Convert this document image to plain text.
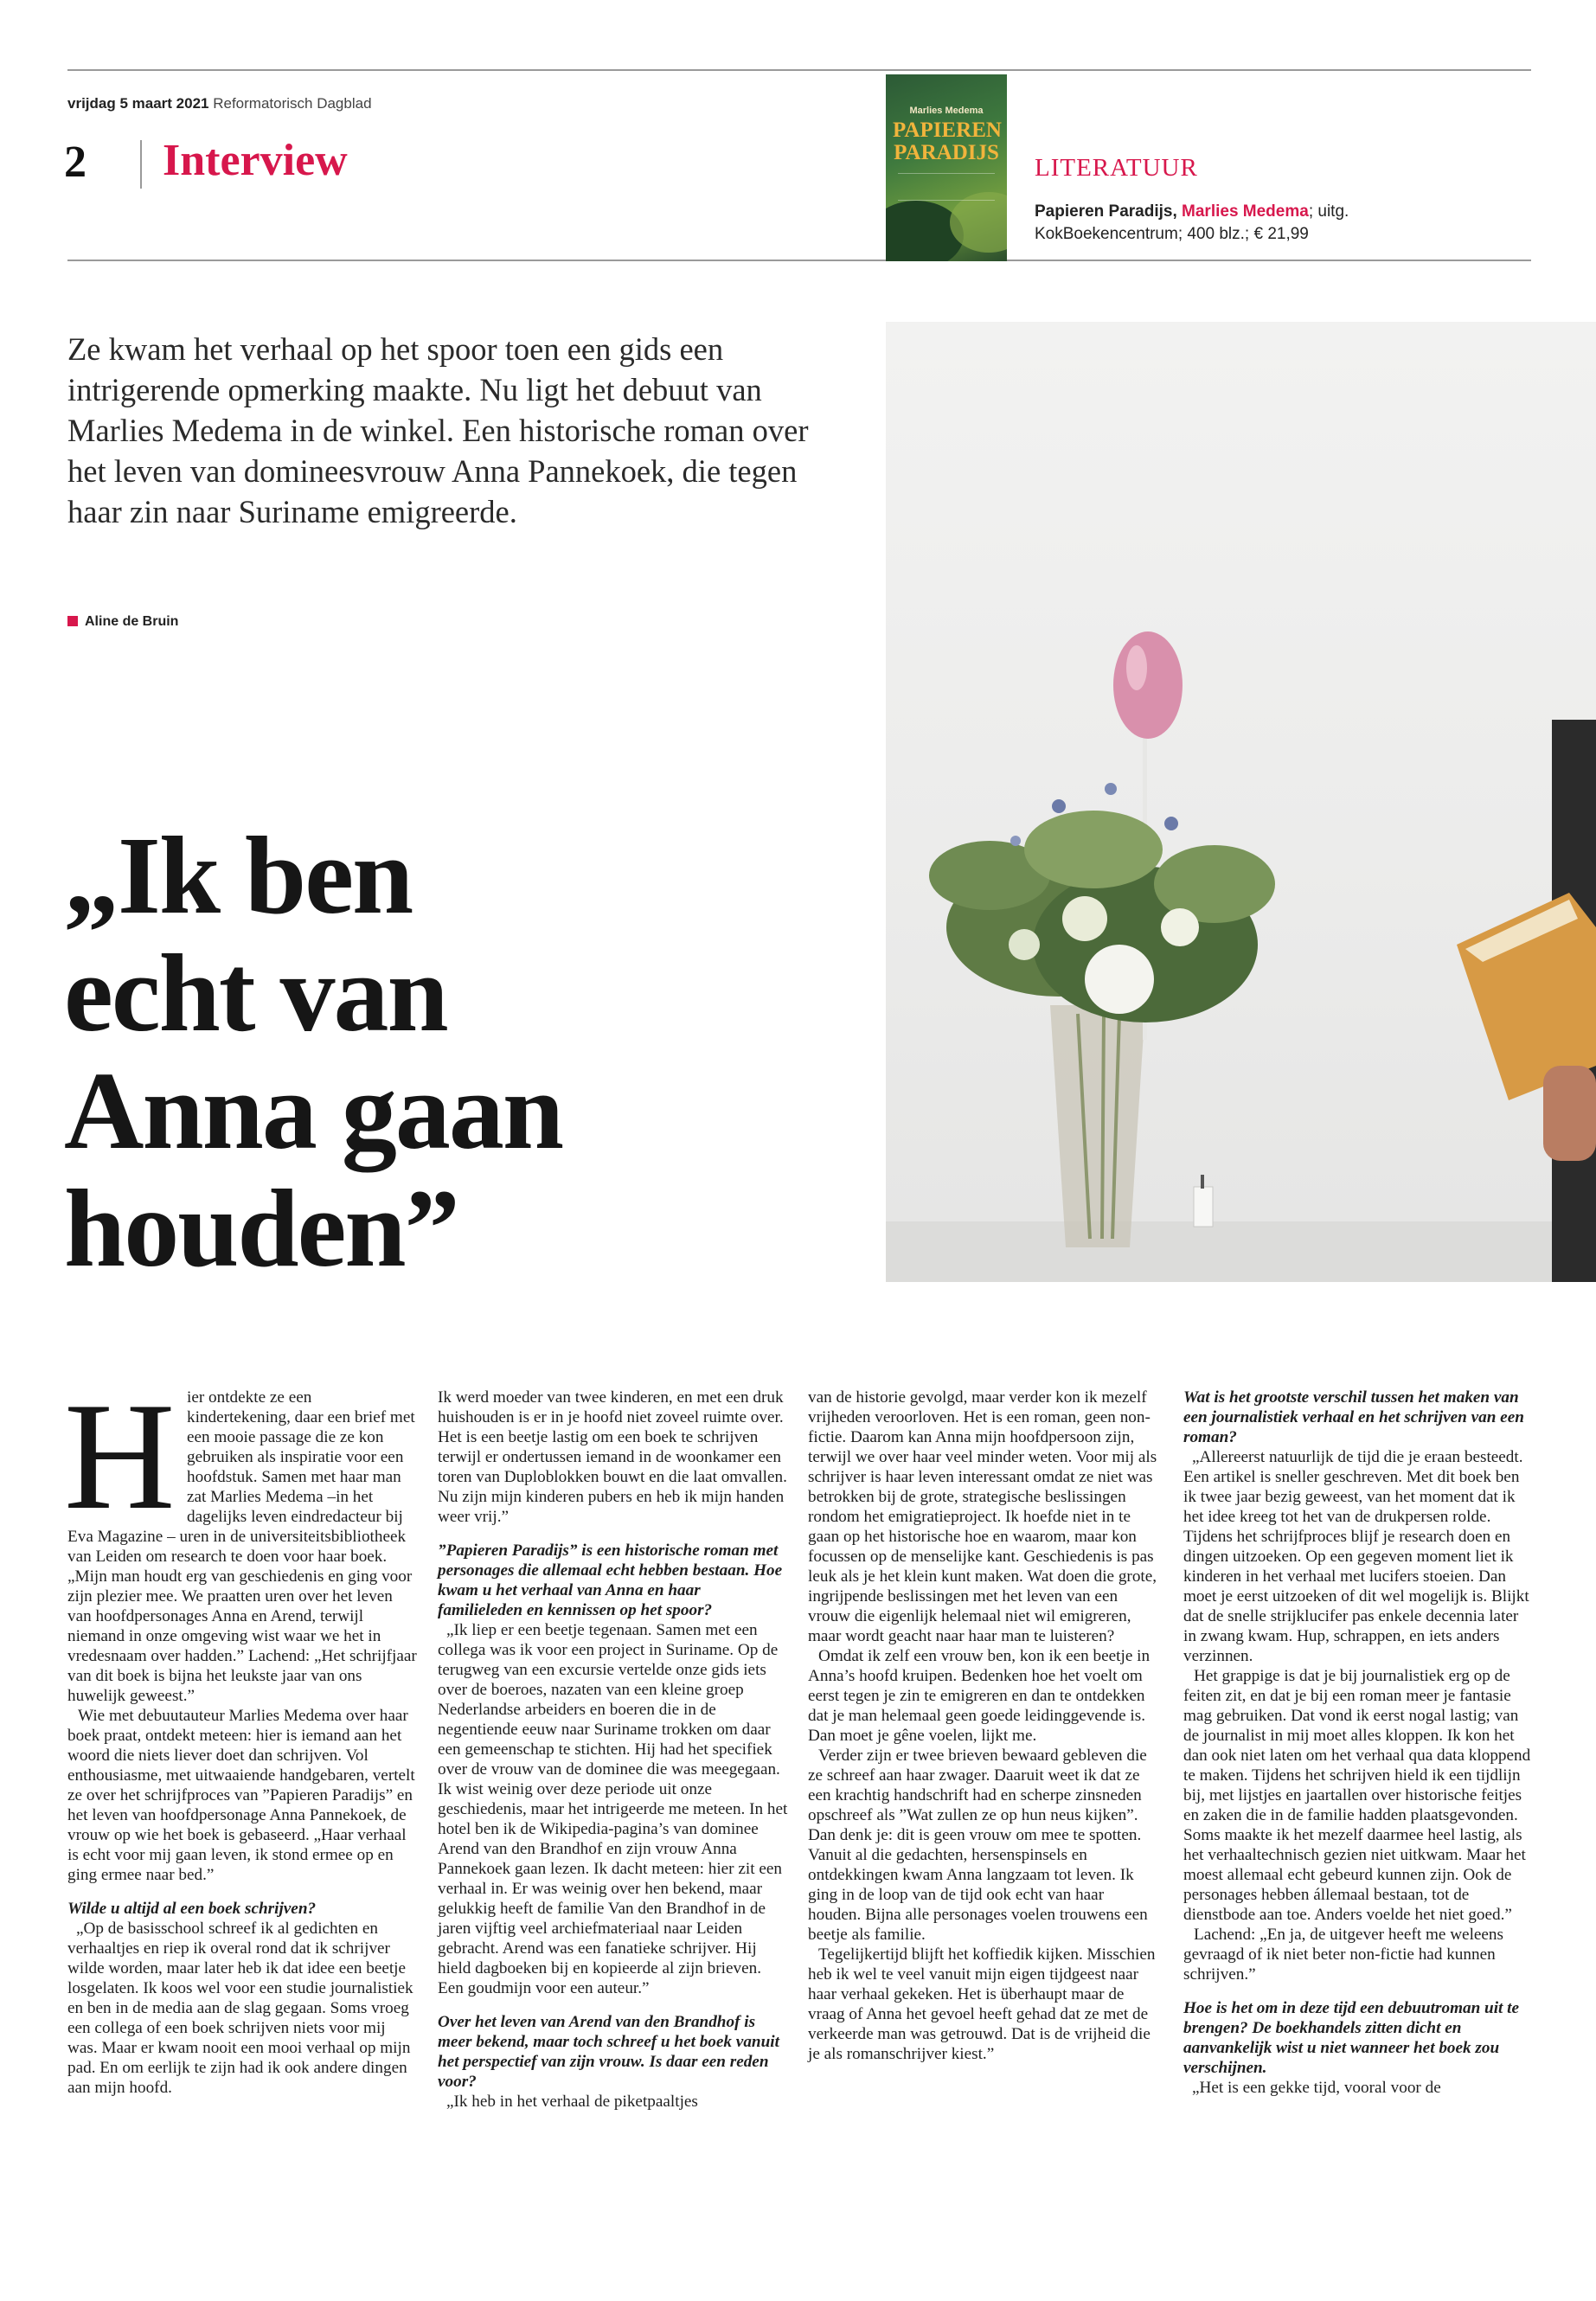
vrijdag 5 maart 2021 Reformatorisch Dagblad
2 Interview
Marlies Medema
PAPIEREN PARADIJS
LITERATUUR
Papieren Paradijs, Marlies Medema; uitg. KokBoekencentrum; 400 blz.; € 21,99
Ze kwam het verhaal op het spoor toen een gids een intrigerende opmerking maakte. Nu ligt het debuut van Marlies Medema in de winkel. Een historische roman over het leven van domineesvrouw Anna Pannekoek, die tegen haar zin naar Suriname emigreerde.
Aline de Bruin
„Ik ben
echt van
Anna gaan
houden”
H ier ontdekte ze een kindertekening, daar een brief met een mooie passage die ze kon gebruiken als inspiratie voor een hoofdstuk. Samen met haar man zat Marlies Medema –in het dagelijks leven eindredacteur bij Eva Magazine – uren in de universiteitsbibliotheek van Leiden om research te doen voor haar boek. „Mijn man houdt erg van geschiedenis en ging voor zijn plezier mee. We praatten uren over het leven van hoofdpersonages Anna en Arend, terwijl niemand in onze omgeving wist waar we het in vredesnaam over hadden.” Lachend: „Het schrijfjaar van dit boek is bijna het leukste jaar van ons huwelijk geweest.”

Wie met debuutauteur Marlies Medema over haar boek praat, ontdekt meteen: hier is iemand aan het woord die niets liever doet dan schrijven. Vol enthousiasme, met uitwaaiende handgebaren, vertelt ze over het schrijfproces van ”Papieren Paradijs” en het leven van hoofdpersonage Anna Pannekoek, de vrouw op wie het boek is gebaseerd. „Haar verhaal is echt voor mij gaan leven, ik stond ermee op en ging ermee naar bed.”

Wilde u altijd al een boek schrijven?

„Op de basisschool schreef ik al gedichten en verhaaltjes en riep ik overal rond dat ik schrijver wilde worden, maar later heb ik dat idee een beetje losgelaten. Ik koos wel voor een studie journalistiek en ben in de media aan de slag gegaan. Soms vroeg een collega of een boek schrijven niets voor mij was. Maar er kwam nooit een mooi verhaal op mijn pad. En om eerlijk te zijn had ik ook andere dingen aan mijn hoofd.

Ik werd moeder van twee kinderen, en met een druk huishouden is er in je hoofd niet zoveel ruimte over. Het is een beetje lastig om een boek te schrijven terwijl er ondertussen iemand in de woonkamer een toren van Duploblokken bouwt en die laat omvallen. Nu zijn mijn kinderen pubers en heb ik mijn handen weer vrij.”

”Papieren Paradijs” is een historische roman met personages die allemaal echt hebben bestaan. Hoe kwam u het verhaal van Anna en haar familieleden en kennissen op het spoor?

„Ik liep er een beetje tegenaan. Samen met een collega was ik voor een project in Suriname. Op de terugweg van een excursie vertelde onze gids iets over de boeroes, nazaten van een kleine groep Nederlandse arbeiders en boeren die in de negentiende eeuw naar Suriname trokken om daar een gemeenschap te stichten. Hij had het specifiek over de vrouw van de dominee die was meegegaan. Ik wist weinig over deze periode uit onze geschiedenis, maar het intrigeerde me meteen. In het hotel ben ik de Wikipedia-pagina’s van dominee Arend van den Brandhof en zijn vrouw Anna Pannekoek gaan lezen. Ik dacht meteen: hier zit een verhaal in. Er was weinig over hen bekend, maar gelukkig heeft de familie Van den Brandhof in de jaren vijftig veel archiefmateriaal naar Leiden gebracht. Arend was een fanatieke schrijver. Hij hield dagboeken bij en kopieerde al zijn brieven. Een goudmijn voor een auteur.”

Over het leven van Arend van den Brandhof is meer bekend, maar toch schreef u het boek vanuit het perspectief van zijn vrouw. Is daar een reden voor?

„Ik heb in het verhaal de piketpaaltjes

van de historie gevolgd, maar verder kon ik mezelf vrijheden veroorloven. Het is een roman, geen non-fictie. Daarom kan Anna mijn hoofdpersoon zijn, terwijl we over haar veel minder weten. Voor mij als schrijver is haar leven interessant omdat ze niet was betrokken bij de grote, strategische beslissingen rondom het emigratieproject. Ik hoefde niet in te gaan op het historische hoe en waarom, maar kon focussen op de menselijke kant. Geschiedenis is pas leuk als je het klein kunt maken. Wat doen die grote, ingrijpende beslissingen met het leven van een vrouw die eigenlijk helemaal niet wil emigreren, maar wordt geacht naar haar man te luisteren?

Omdat ik zelf een vrouw ben, kon ik een beetje in Anna’s hoofd kruipen. Bedenken hoe het voelt om eerst tegen je zin te emigreren en dan te ontdekken dat je man helemaal geen goede leidinggevende is. Dan moet je gêne voelen, lijkt me.

Verder zijn er twee brieven bewaard gebleven die ze schreef aan haar zwager. Daaruit weet ik dat ze een krachtig handschrift had en scherpe zinsneden opschreef als ”Wat zullen ze op hun neus kijken”. Dan denk je: dit is geen vrouw om mee te spotten. Vanuit al die gedachten, hersenspinsels en ontdekkingen kwam Anna langzaam tot leven. Ik ging in de loop van de tijd ook echt van haar houden. Bijna alle personages voelen trouwens een beetje als familie.

Tegelijkertijd blijft het koffiedik kijken. Misschien heb ik wel te veel vanuit mijn eigen tijdgeest naar haar verhaal gekeken. Het is überhaupt maar de vraag of Anna het gevoel heeft gehad dat ze met de verkeerde man was getrouwd. Dat is de vrijheid die je als romanschrijver kiest.”

Wat is het grootste verschil tussen het maken van een journalistiek verhaal en het schrijven van een roman?

„Allereerst natuurlijk de tijd die je eraan besteedt. Een artikel is sneller geschreven. Met dit boek ben ik twee jaar bezig geweest, van het moment dat ik het idee kreeg tot het van de drukpersen rolde. Tijdens het schrijfproces blijf je research doen en dingen uitzoeken. Op een gegeven moment liet ik kinderen in het verhaal met lucifers stoeien. Dan moet je eerst uitzoeken of dit wel mogelijk is. Blijkt dat de snelle strijklucifer pas enkele decennia later in zwang kwam. Hup, schrappen, en iets anders verzinnen.

Het grappige is dat je bij journalistiek erg op de feiten zit, en dat je bij een roman meer je fantasie mag gebruiken. Dat vond ik eerst nogal lastig; van de journalist in mij moet alles kloppen. Ik kon het dan ook niet laten om het verhaal qua data kloppend te maken. Tijdens het schrijven hield ik een tijdlijn bij, met lijstjes en jaartallen over historische feitjes en zaken die in de familie hadden plaatsgevonden. Soms maakte ik het mezelf daarmee heel lastig, als het verhaaltechnisch gezien niet uitkwam. Maar het moest allemaal echt gebeurd kunnen zijn. Ook de personages hebben állemaal bestaan, tot de dienstbode aan toe. Anders voelde het niet goed.”

Lachend: „En ja, de uitgever heeft me weleens gevraagd of ik niet beter non-fictie had kunnen schrijven.”

Hoe is het om in deze tijd een debuutroman uit te brengen? De boekhandels zitten dicht en aanvankelijk wist u niet wanneer het boek zou verschijnen.

„Het is een gekke tijd, vooral voor de
